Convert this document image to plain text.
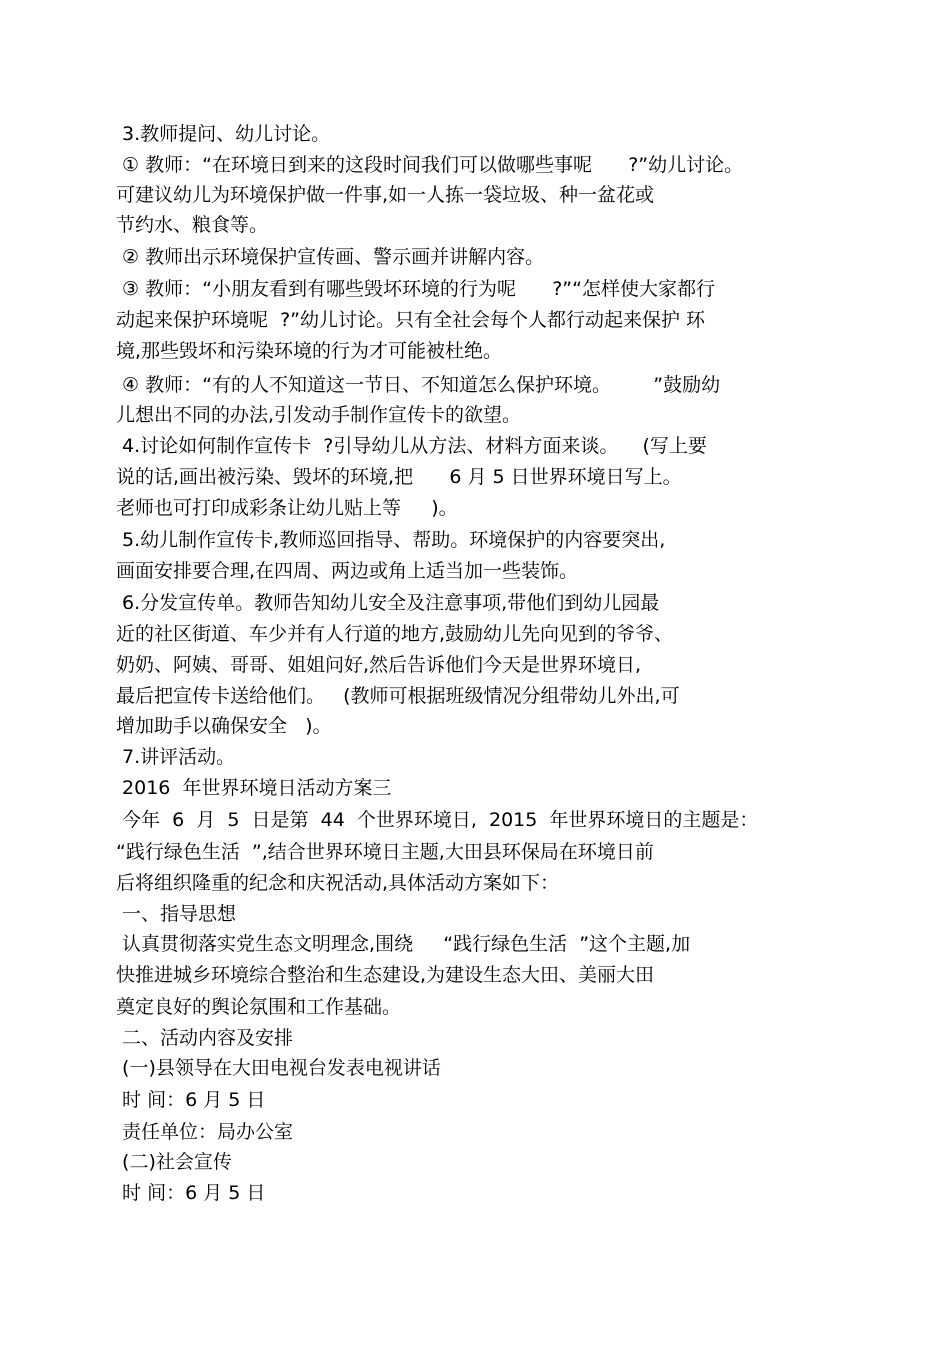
3.教师提问、幼儿讨论。
① 教师：“在环境日到来的这段时间我们可以做哪些事呢      ?”幼儿讨论。
可建议幼儿为环境保护做一件事,如一人拣一袋垃圾、种一盆花或
节约水、粮食等。
② 教师出示环境保护宣传画、警示画并讲解内容。
③ 教师：“小朋友看到有哪些毁坏环境的行为呢      ?”“怎样使大家都行
动起来保护环境呢  ?”幼儿讨论。只有全社会每个人都行动起来保护 环
境,那些毁坏和污染环境的行为才可能被杜绝。
④ 教师：“有的人不知道这一节日、不知道怎么保护环境。       ”鼓励幼
儿想出不同的办法,引发动手制作宣传卡的欲望。
4.讨论如何制作宣传卡  ?引导幼儿从方法、材料方面来谈。    (写上要
说的话,画出被污染、毁坏的环境,把      6 月 5 日世界环境日写上。
老师也可打印成彩条让幼儿贴上等     )。
5.幼儿制作宣传卡,教师巡回指导、帮助。环境保护的内容要突出,
画面安排要合理,在四周、两边或角上适当加一些装饰。
6.分发宣传单。教师告知幼儿安全及注意事项,带他们到幼儿园最
近的社区街道、车少并有人行道的地方,鼓励幼儿先向见到的爷爷、
奶奶、阿姨、哥哥、姐姐问好,然后告诉他们今天是世界环境日,
最后把宣传卡送给他们。   (教师可根据班级情况分组带幼儿外出,可
增加助手以确保安全   )。
7.讲评活动。
2016  年世界环境日活动方案三
今年  6  月  5  日是第  44  个世界环境日,  2015  年世界环境日的主题是：
“践行绿色生活  ”,结合世界环境日主题,大田县环保局在环境日前
后将组织隆重的纪念和庆祝活动,具体活动方案如下：
一、指导思想
认真贯彻落实党生态文明理念,围绕     “践行绿色生活  ”这个主题,加
快推进城乡环境综合整治和生态建设,为建设生态大田、美丽大田
奠定良好的舆论氛围和工作基础。
二、活动内容及安排
(一)县领导在大田电视台发表电视讲话
时 间：6 月 5 日
责任单位：局办公室
(二)社会宣传
时 间：6 月 5 日
